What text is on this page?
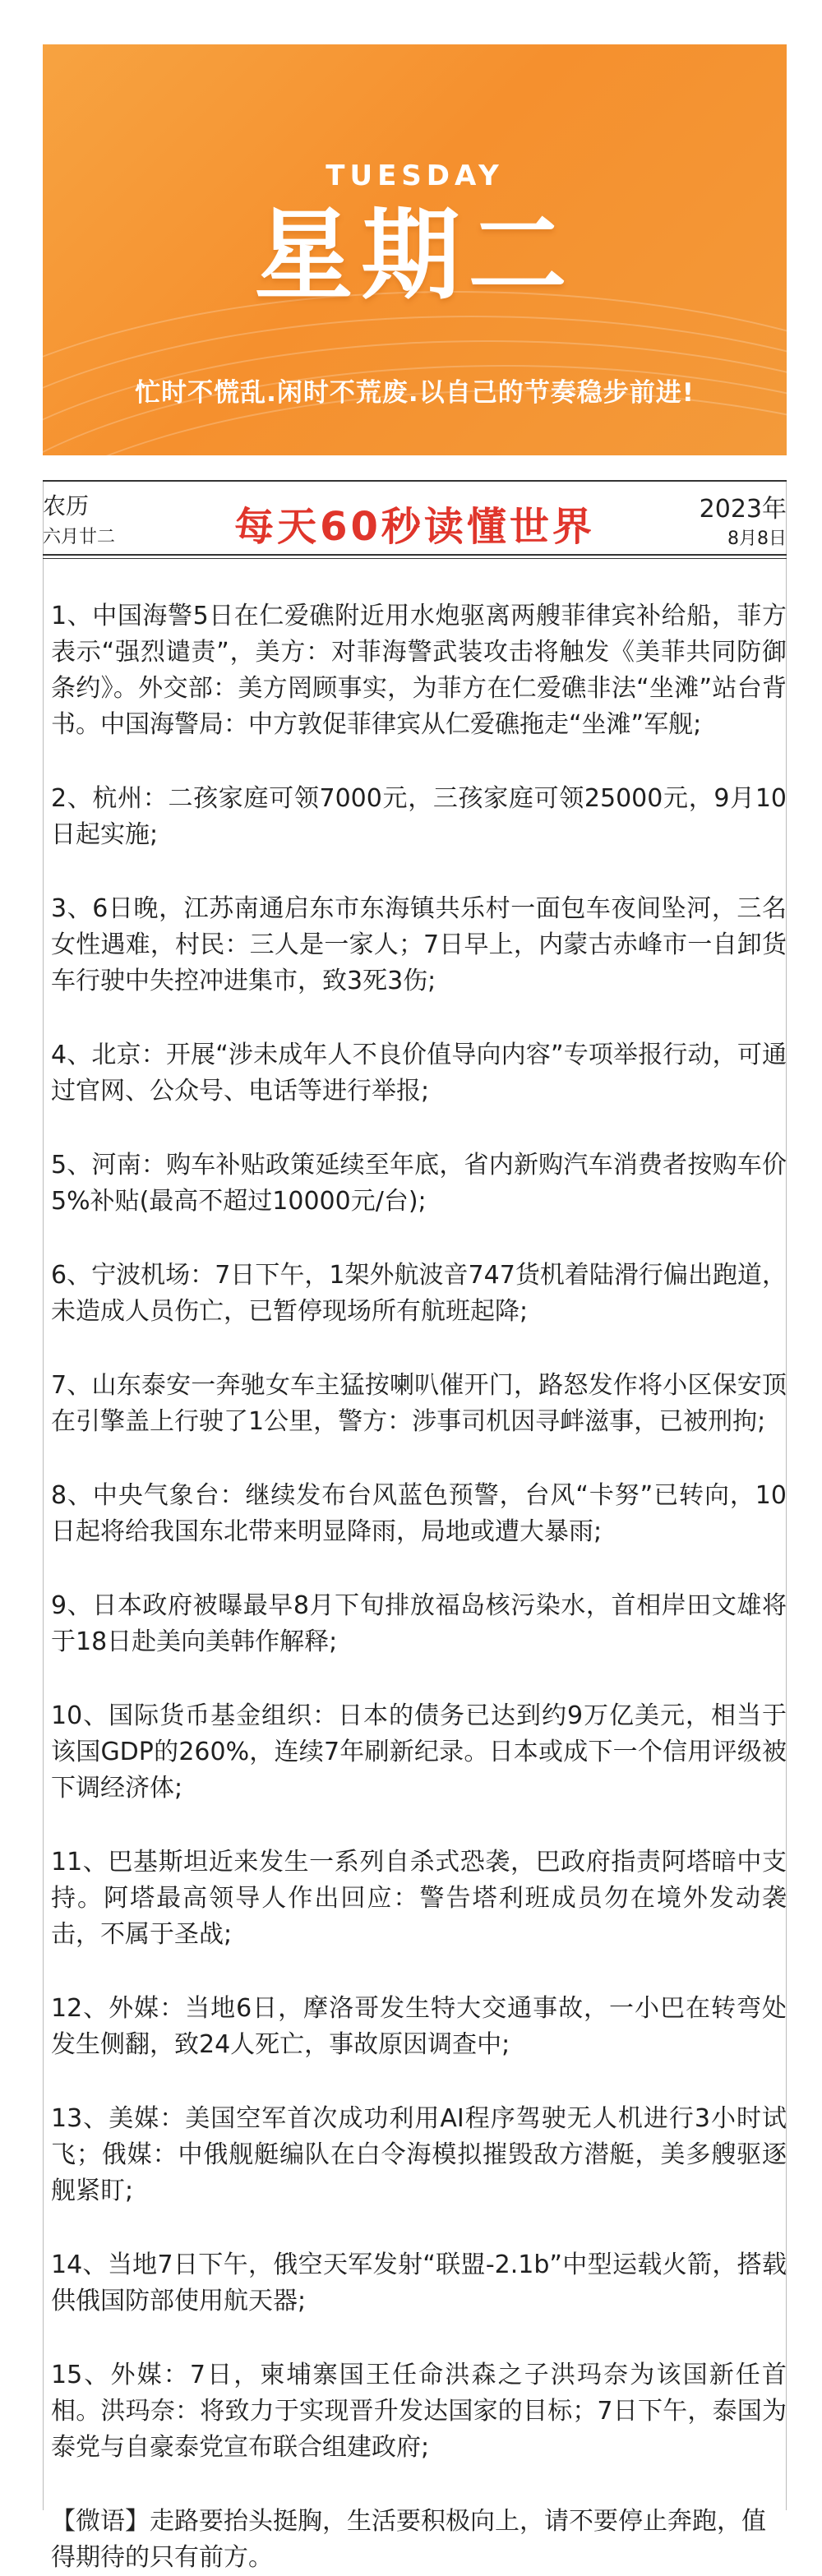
TUESDAY
星期二
忙时不慌乱.闲时不荒废.以自己的节奏稳步前进!
农历
六月廿二	每天60秒读懂世界	2023年
8月8日

1、中国海警5日在仁爱礁附近用水炮驱离两艘菲律宾补给船，菲方表示“强烈谴责”，美方：对菲海警武装攻击将触发《美菲共同防御条约》。外交部：美方罔顾事实，为菲方在仁爱礁非法“坐滩”站台背书。中国海警局：中方敦促菲律宾从仁爱礁拖走“坐滩”军舰;

2、杭州：二孩家庭可领7000元，三孩家庭可领25000元，9月10日起实施;

3、6日晚，江苏南通启东市东海镇共乐村一面包车夜间坠河，三名女性遇难，村民：三人是一家人；7日早上，内蒙古赤峰市一自卸货车行驶中失控冲进集市，致3死3伤;

4、北京：开展“涉未成年人不良价值导向内容”专项举报行动，可通过官网、公众号、电话等进行举报;

5、河南：购车补贴政策延续至年底，省内新购汽车消费者按购车价5%补贴(最高不超过10000元/台);

6、宁波机场：7日下午，1架外航波音747货机着陆滑行偏出跑道，未造成人员伤亡，已暂停现场所有航班起降;

7、山东泰安一奔驰女车主猛按喇叭催开门，路怒发作将小区保安顶在引擎盖上行驶了1公里，警方：涉事司机因寻衅滋事，已被刑拘;

8、中央气象台：继续发布台风蓝色预警，台风“卡努”已转向，10日起将给我国东北带来明显降雨，局地或遭大暴雨;

9、日本政府被曝最早8月下旬排放福岛核污染水，首相岸田文雄将于18日赴美向美韩作解释;

10、国际货币基金组织：日本的债务已达到约9万亿美元，相当于该国GDP的260%，连续7年刷新纪录。日本或成下一个信用评级被下调经济体;

11、巴基斯坦近来发生一系列自杀式恐袭，巴政府指责阿塔暗中支持。阿塔最高领导人作出回应：警告塔利班成员勿在境外发动袭击，不属于圣战;

12、外媒：当地6日，摩洛哥发生特大交通事故，一小巴在转弯处发生侧翻，致24人死亡，事故原因调查中;

13、美媒：美国空军首次成功利用AI程序驾驶无人机进行3小时试飞；俄媒：中俄舰艇编队在白令海模拟摧毁敌方潜艇，美多艘驱逐舰紧盯;

14、当地7日下午，俄空天军发射“联盟-2.1b”中型运载火箭，搭载供俄国防部使用航天器;

15、外媒：7日，柬埔寨国王任命洪森之子洪玛奈为该国新任首相。洪玛奈：将致力于实现晋升发达国家的目标；7日下午，泰国为泰党与自豪泰党宣布联合组建政府;

【微语】走路要抬头挺胸，生活要积极向上，请不要停止奔跑，值得期待的只有前方。
